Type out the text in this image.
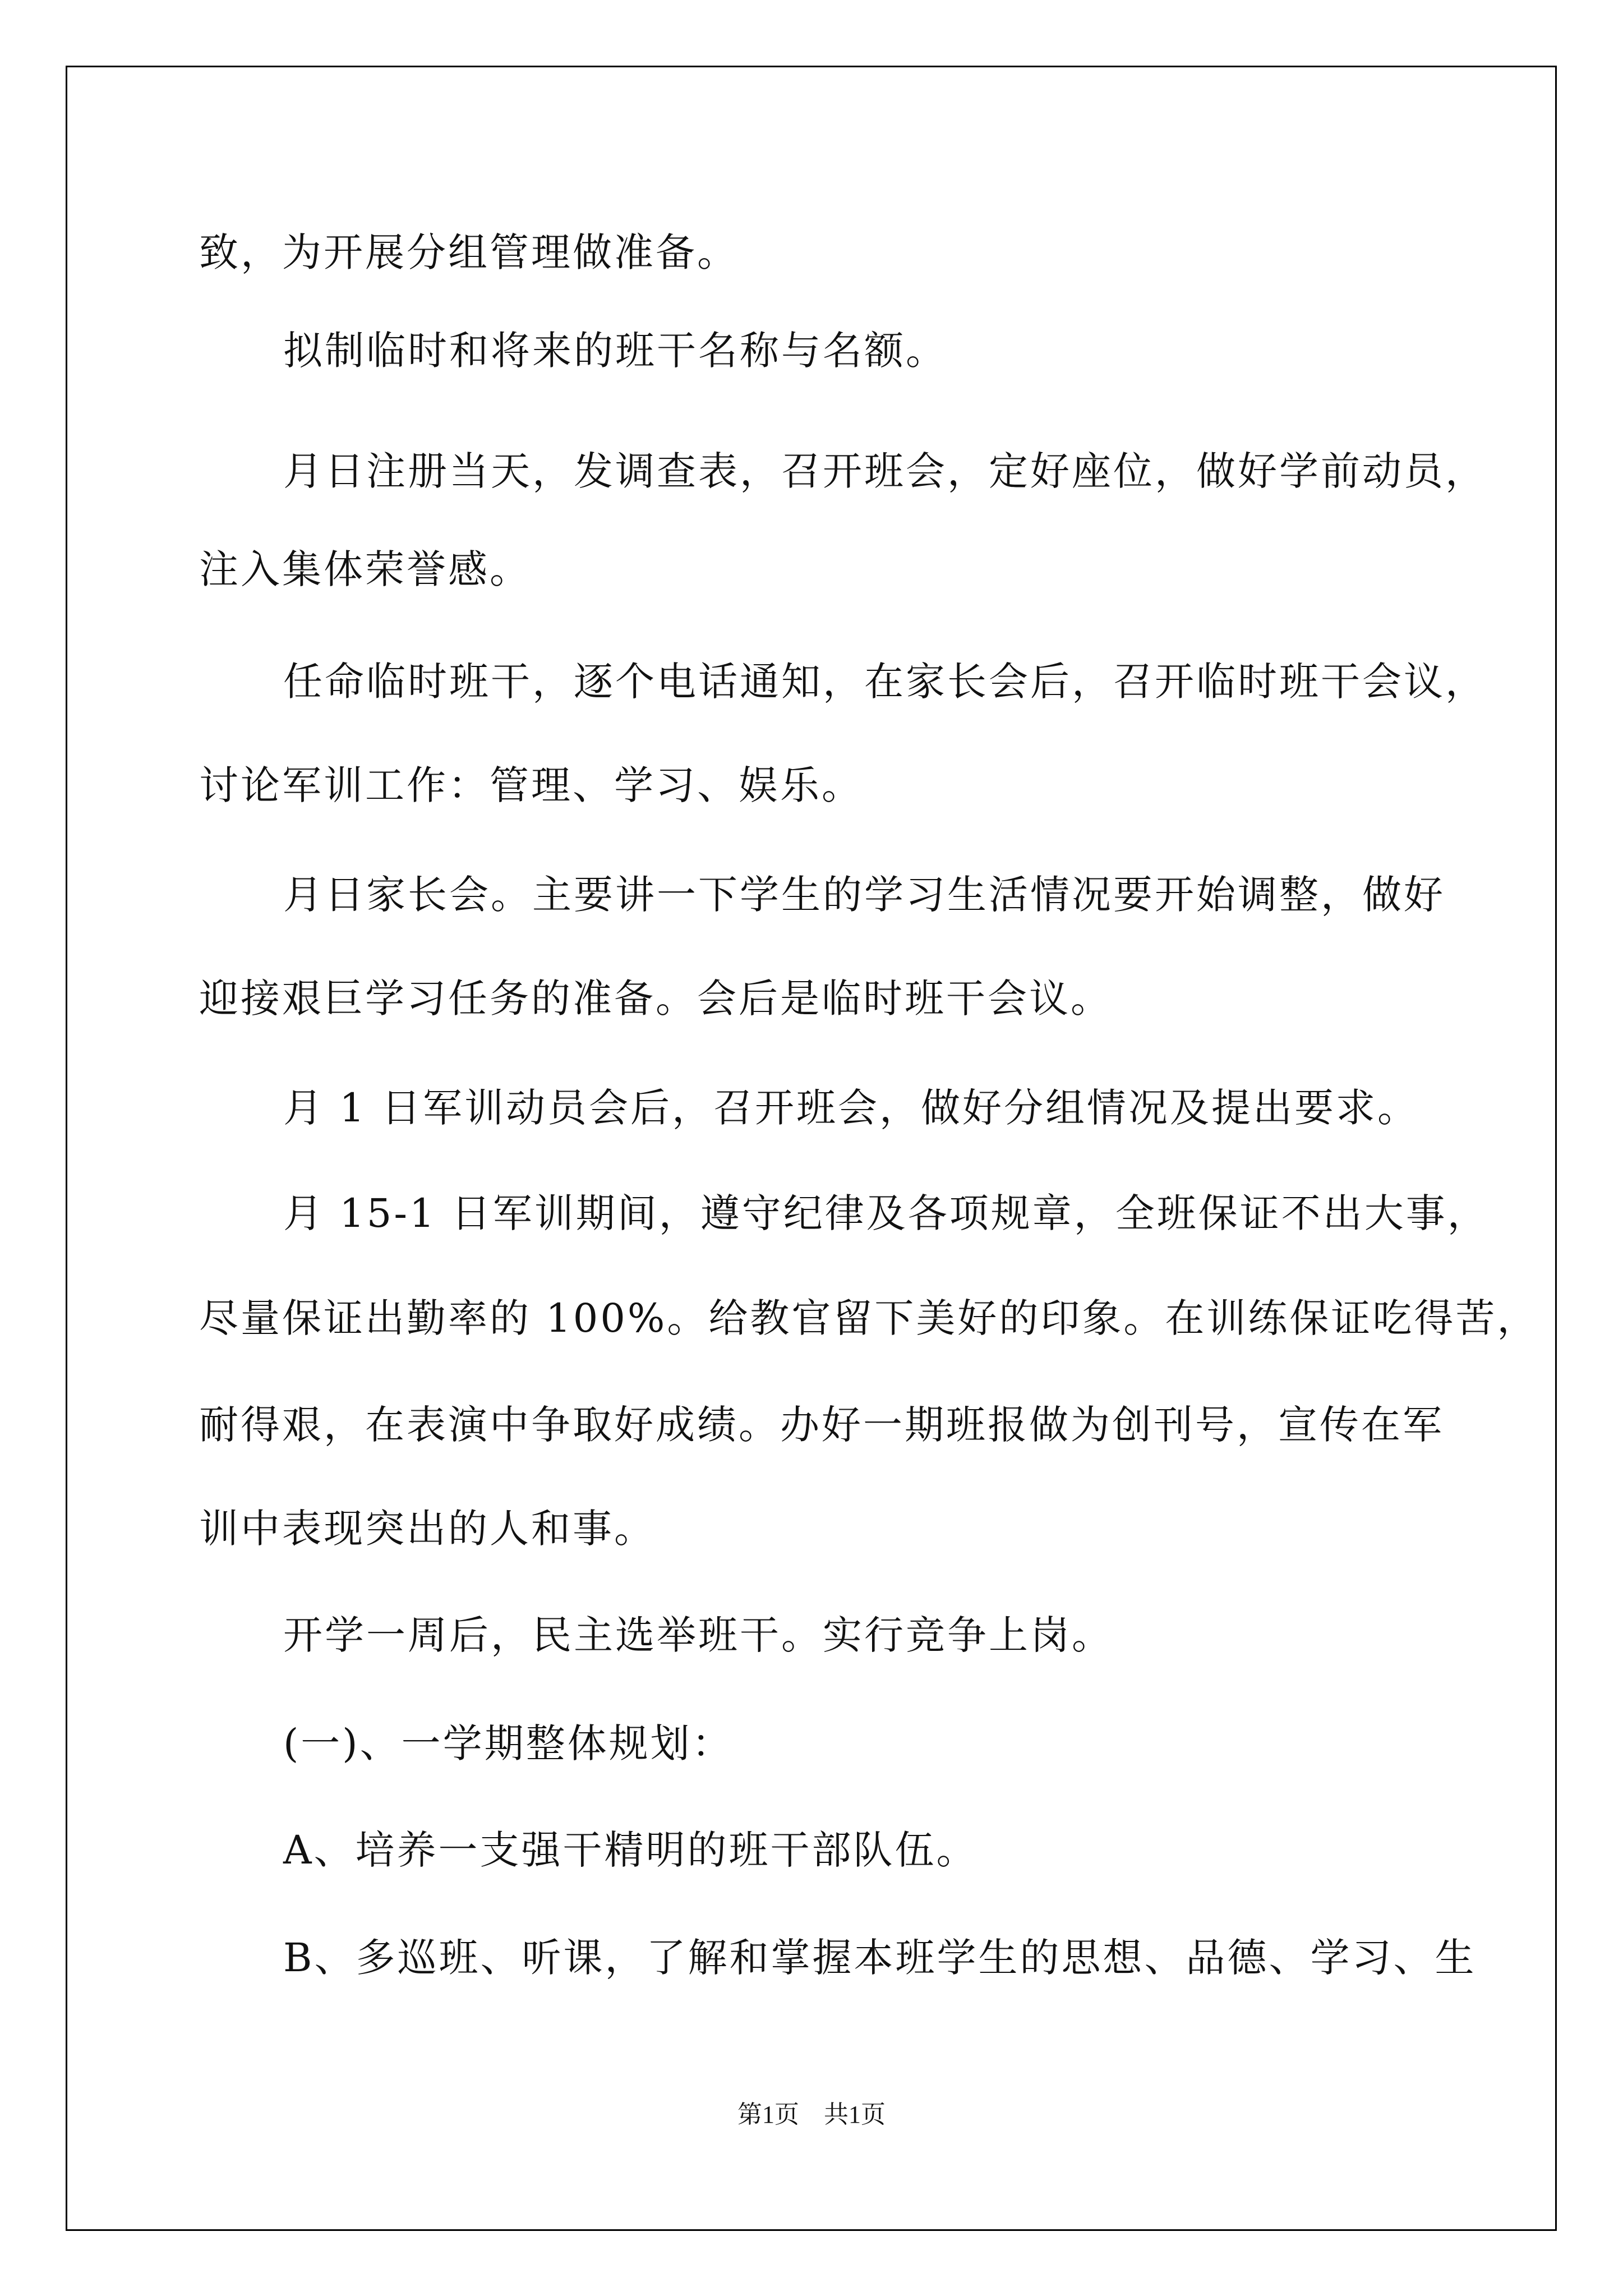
致，为开展分组管理做准备。
拟制临时和将来的班干名称与名额。
月日注册当天，发调查表，召开班会，定好座位，做好学前动员，
注入集体荣誉感。
任命临时班干，逐个电话通知，在家长会后，召开临时班干会议，
讨论军训工作：管理、学习、娱乐。
月日家长会。主要讲一下学生的学习生活情况要开始调整，做好
迎接艰巨学习任务的准备。会后是临时班干会议。
月 1 日军训动员会后，召开班会，做好分组情况及提出要求。
月 15-1 日军训期间，遵守纪律及各项规章，全班保证不出大事，
尽量保证出勤率的 100%。给教官留下美好的印象。在训练保证吃得苦，
耐得艰，在表演中争取好成绩。办好一期班报做为创刊号，宣传在军
训中表现突出的人和事。
开学一周后，民主选举班干。实行竞争上岗。
(一)、一学期整体规划：
A、培养一支强干精明的班干部队伍。
B、多巡班、听课，了解和掌握本班学生的思想、品德、学习、生
第1页　共1页
